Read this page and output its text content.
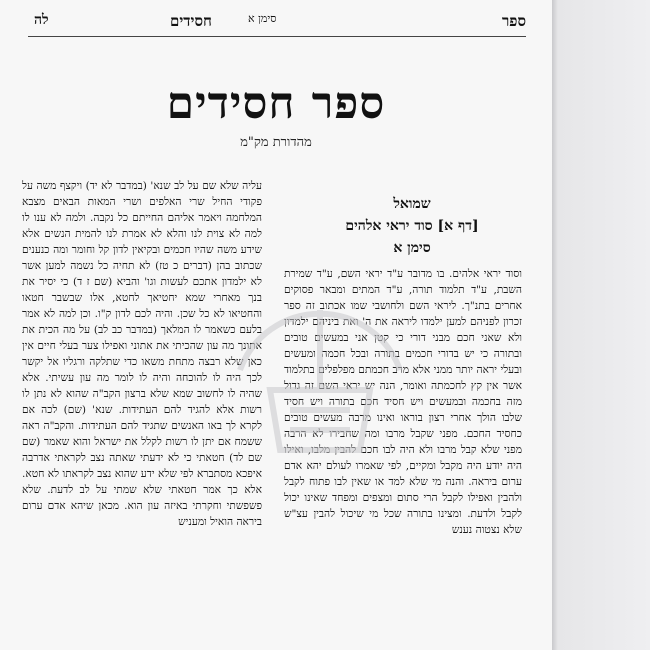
ספר
סימן א
חסידים
לה
ספר חסידים
מהדורת מק"מ
שמואל
[דף א] סוד יראי אלהים
סימן א
וסוד יראי אלהים. בו מדובר ע"ד יראי השם, ע"ד שמירת השבת, ע"ד תלמוד תורה, ע"ד המתים ומבאר פסוקים אחרים בתנ"ך. ליראי השם ולחושבי שמו אכתוב זה ספר זכרון לפניהם למען ילמדו ליראה את ה' ואת ביניהם ילמדון ולא שאני חכם מבני דורי כי קטן אני במעשים טובים ובתורה כי יש בדורי חכמים בתורה ובכל חכמה ומעשים ובעלי יראה יותר ממני אלא מרב חכמתם מפלפלים בתלמוד אשר אין קץ לחכמתה ואומר, הנה יש יראי השם זה גדול מזה בחכמה ובמעשים ויש חסיד חכם בתורה ויש חסיד שלבו הולך אחרי רצון בוראו ואינו מרבה מעשים טובים כחסיד החכם. מפני שקבל מרבו ומה שחבירו לא הרבה מפני שלא קבל מרבו ולא היה לבו חכם להבין מלבו, ואילו היה יודע היה מקבל ומקיים, לפי שאמרו לעולם יהא אדם ערום ביראה. והנה מי שלא למד או שאין לבו פתוח לקבל ולהבין ואפילו לקבל הרי סתום ומצפים ומפחד שאינו יכול לקבל ולדעת. ומצינו בתורה שכל מי שיכול להבין עצ"ש שלא נצטוה נענש
עליה שלא שם על לב שנא' (במדבר לא יד) ויקצף משה על פקודי החיל שרי האלפים ושרי המאות הבאים מצבא המלחמה ויאמר אליהם החייתם כל נקבה. ולמה לא ענו לו למה לא צוית לנו והלא לא אמרת לנו להמית הנשים אלא שידע משה שהיו חכמים ובקיאין לדון קל וחומר ומה כנענים שכתוב בהן (דברים כ טז) לא תחיה כל נשמה למען אשר לא ילמדון אתכם לעשות וגו' והביא (שם ז ד) כי יסיר את בנך מאחרי שמא יחטיאך לחטא, אלו שבשבר חטאו והחטיאו לא כל שכן. והיה לכם לדון ק"ו. וכן למה לא אמר בלעם כשאמר לו המלאך (במדבר כב לב) על מה הכית את אתונך מה עון שהכיתי את אתוני ואפילו צער בעלי חיים אין כאן שלא רבצה מתחת משאו כדי שתלקה ורגליו אל יקשר לכך היה לו להוכחה והיה לו לומר מה עון עשיתי. אלא שהיה לו לחשוב שמא שלא ברצון הקב"ה שהוא לא נתן לו רשות אלא להגיד להם העתידות. שנא' (שם) לכה אם לקרא לך באו האנשים שתגיד להם העתידות. והקב"ה ראה ששמח אם יתן לו רשות לקלל את ישראל והוא שאמר (שם שם לד) חטאתי כי לא ידעתי שאתה נצב לקראתי אדרבה איפכא מסתברא לפי שלא ידע שהוא נצב לקראתו לא חטא. אלא כך אמר חטאתי שלא שמתי על לב לדעת. שלא פשפשתי וחקרתי באיזה עון הוא. מכאן שיהא אדם ערום ביראה הואיל ומעניש
